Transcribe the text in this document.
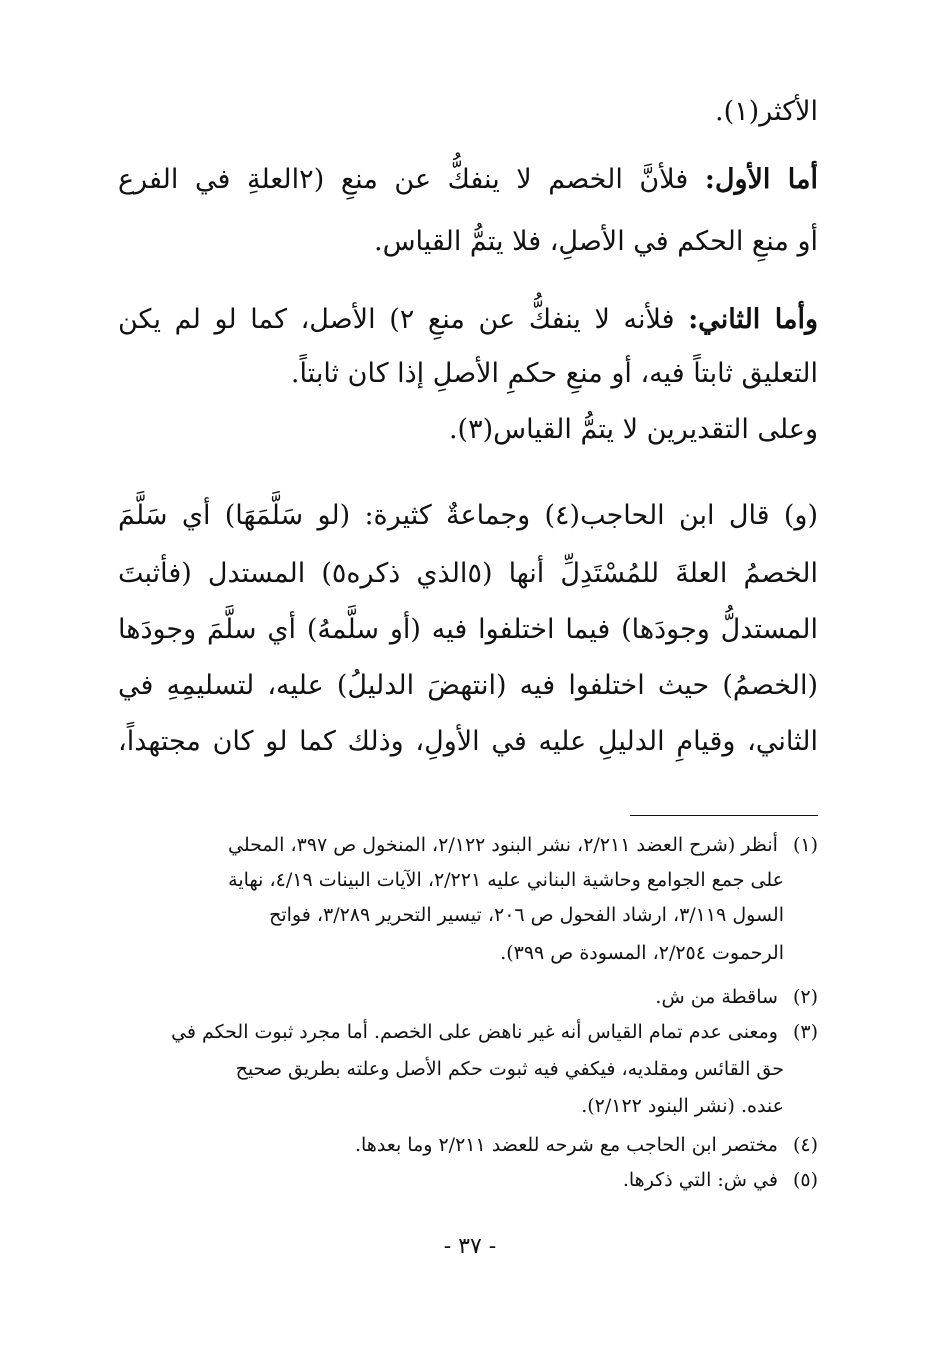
الأكثر(١).
أما الأول: فلأنَّ الخصم لا ينفكُّ عن منعِ (٢العلةِ في الفرع
أو منعِ الحكم في الأصلِ، فلا يتمُّ القياس.
وأما الثاني: فلأنه لا ينفكُّ عن منعِ ٢) الأصل، كما لو لم يكن
التعليق ثابتاً فيه، أو منعِ حكمِ الأصلِ إذا كان ثابتاً.
وعلى التقديرين لا يتمُّ القياس(٣).
(و) قال ابن الحاجب(٤) وجماعةٌ كثيرة: (لو سَلَّمَهَا) أي سَلَّمَ
الخصمُ العلةَ للمُسْتَدِلِّ أنها (٥الذي ذكره٥) المستدل (فأثبتَ
المستدلُّ وجودَها) فيما اختلفوا فيه (أو سلَّمهُ) أي سلَّمَ وجودَها
(الخصمُ) حيث اختلفوا فيه (انتهضَ الدليلُ) عليه، لتسليمِهِ في
الثاني، وقيامِ الدليلِ عليه في الأولِ، وذلك كما لو كان مجتهداً،
(١) أنظر (شرح العضد ٢/٢١١، نشر البنود ٢/١٢٢، المنخول ص ٣٩٧، المحلي
على جمع الجوامع وحاشية البناني عليه ٢/٢٢١، الآيات البينات ٤/١٩، نهاية
السول ٣/١١٩، ارشاد الفحول ص ٢٠٦، تيسير التحرير ٣/٢٨٩، فواتح
الرحموت ٢/٢٥٤، المسودة ص ٣٩٩).
(٢) ساقطة من ش.
(٣) ومعنى عدم تمام القياس أنه غير ناهض على الخصم. أما مجرد ثبوت الحكم في
حق القائس ومقلديه، فيكفي فيه ثبوت حكم الأصل وعلته بطريق صحيح
عنده. (نشر البنود ٢/١٢٢).
(٤) مختصر ابن الحاجب مع شرحه للعضد ٢/٢١١ وما بعدها.
(٥) في ش: التي ذكرها.
- ٣٧ -
